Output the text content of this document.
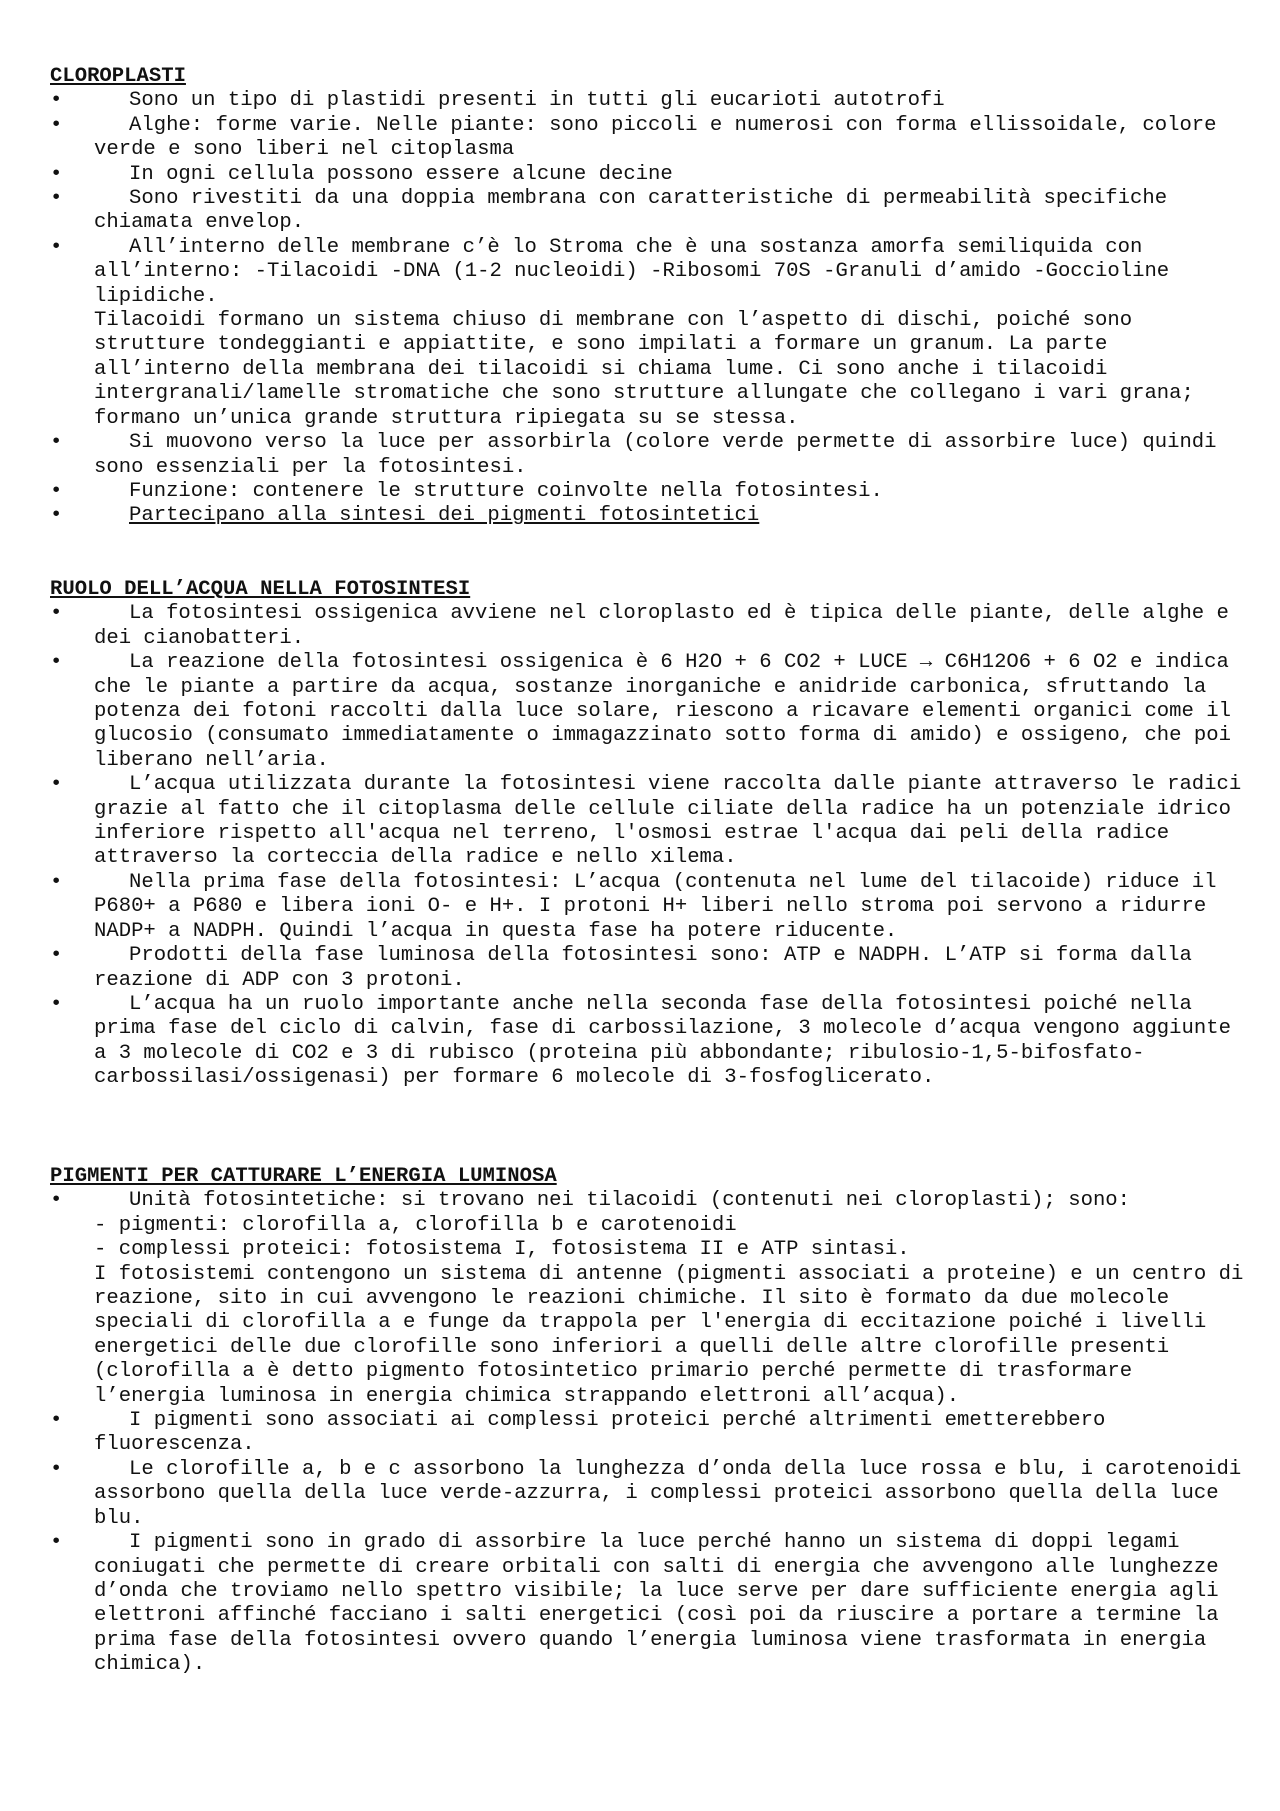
CLOROPLASTI
•	Sono un tipo di plastidi presenti in tutti gli eucarioti autotrofi
•	Alghe: forme varie. Nelle piante: sono piccoli e numerosi con forma ellissoidale, colore verde e sono liberi nel citoplasma
•	In ogni cellula possono essere alcune decine
•	Sono rivestiti da una doppia membrana con caratteristiche di permeabilità specifiche chiamata envelop.
•	All’interno delle membrane c’è lo Stroma che è una sostanza amorfa semiliquida con all’interno: -Tilacoidi -DNA (1-2 nucleoidi) -Ribosomi 70S -Granuli d’amido -Goccioline lipidiche.
Tilacoidi formano un sistema chiuso di membrane con l’aspetto di dischi, poiché sono strutture tondeggianti e appiattite, e sono impilati a formare un granum. La parte all’interno della membrana dei tilacoidi si chiama lume. Ci sono anche i tilacoidi intergranali/lamelle stromatiche che sono strutture allungate che collegano i vari grana; formano un’unica grande struttura ripiegata su se stessa.
•	Si muovono verso la luce per assorbirla (colore verde permette di assorbire luce) quindi sono essenziali per la fotosintesi.
•	Funzione: contenere le strutture coinvolte nella fotosintesi.
•	Partecipano alla sintesi dei pigmenti fotosintetici
RUOLO DELL’ACQUA NELLA FOTOSINTESI
•	La fotosintesi ossigenica avviene nel cloroplasto ed è tipica delle piante, delle alghe e dei cianobatteri.
•	La reazione della fotosintesi ossigenica è 6 H2O + 6 CO2 + LUCE → C6H12O6 + 6 O2 e indica che le piante a partire da acqua, sostanze inorganiche e anidride carbonica, sfruttando la potenza dei fotoni raccolti dalla luce solare, riescono a ricavare elementi organici come il glucosio (consumato immediatamente o immagazzinato sotto forma di amido) e ossigeno, che poi liberano nell’aria.
•	L’acqua utilizzata durante la fotosintesi viene raccolta dalle piante attraverso le radici grazie al fatto che il citoplasma delle cellule ciliate della radice ha un potenziale idrico inferiore rispetto all'acqua nel terreno, l'osmosi estrae l'acqua dai peli della radice attraverso la corteccia della radice e nello xilema.
•	Nella prima fase della fotosintesi: L’acqua (contenuta nel lume del tilacoide) riduce il P680+ a P680 e libera ioni O- e H+. I protoni H+ liberi nello stroma poi servono a ridurre NADP+ a NADPH. Quindi l’acqua in questa fase ha potere riducente.
•	Prodotti della fase luminosa della fotosintesi sono: ATP e NADPH. L’ATP si forma dalla reazione di ADP con 3 protoni.
•	L’acqua ha un ruolo importante anche nella seconda fase della fotosintesi poiché nella prima fase del ciclo di calvin, fase di carbossilazione, 3 molecole d’acqua vengono aggiunte a 3 molecole di CO2 e 3 di rubisco (proteina più abbondante; ribulosio-1,5-bifosfato-carbossilasi/ossigenasi) per formare 6 molecole di 3-fosfoglicerato.
PIGMENTI PER CATTURARE L’ENERGIA LUMINOSA
•	Unità fotosintetiche: si trovano nei tilacoidi (contenuti nei cloroplasti); sono:
- pigmenti: clorofilla a, clorofilla b e carotenoidi
- complessi proteici: fotosistema I, fotosistema II e ATP sintasi.
I fotosistemi contengono un sistema di antenne (pigmenti associati a proteine) e un centro di reazione, sito in cui avvengono le reazioni chimiche. Il sito è formato da due molecole speciali di clorofilla a e funge da trappola per l'energia di eccitazione poiché i livelli energetici delle due clorofille sono inferiori a quelli delle altre clorofille presenti (clorofilla a è detto pigmento fotosintetico primario perché permette di trasformare l’energia luminosa in energia chimica strappando elettroni all’acqua).
•	I pigmenti sono associati ai complessi proteici perché altrimenti emetterebbero fluorescenza.
•	Le clorofille a, b e c assorbono la lunghezza d’onda della luce rossa e blu, i carotenoidi assorbono quella della luce verde-azzurra, i complessi proteici assorbono quella della luce blu.
•	I pigmenti sono in grado di assorbire la luce perché hanno un sistema di doppi legami coniugati che permette di creare orbitali con salti di energia che avvengono alle lunghezze d’onda che troviamo nello spettro visibile; la luce serve per dare sufficiente energia agli elettroni affinché facciano i salti energetici (così poi da riuscire a portare a termine la prima fase della fotosintesi ovvero quando l’energia luminosa viene trasformata in energia chimica).
